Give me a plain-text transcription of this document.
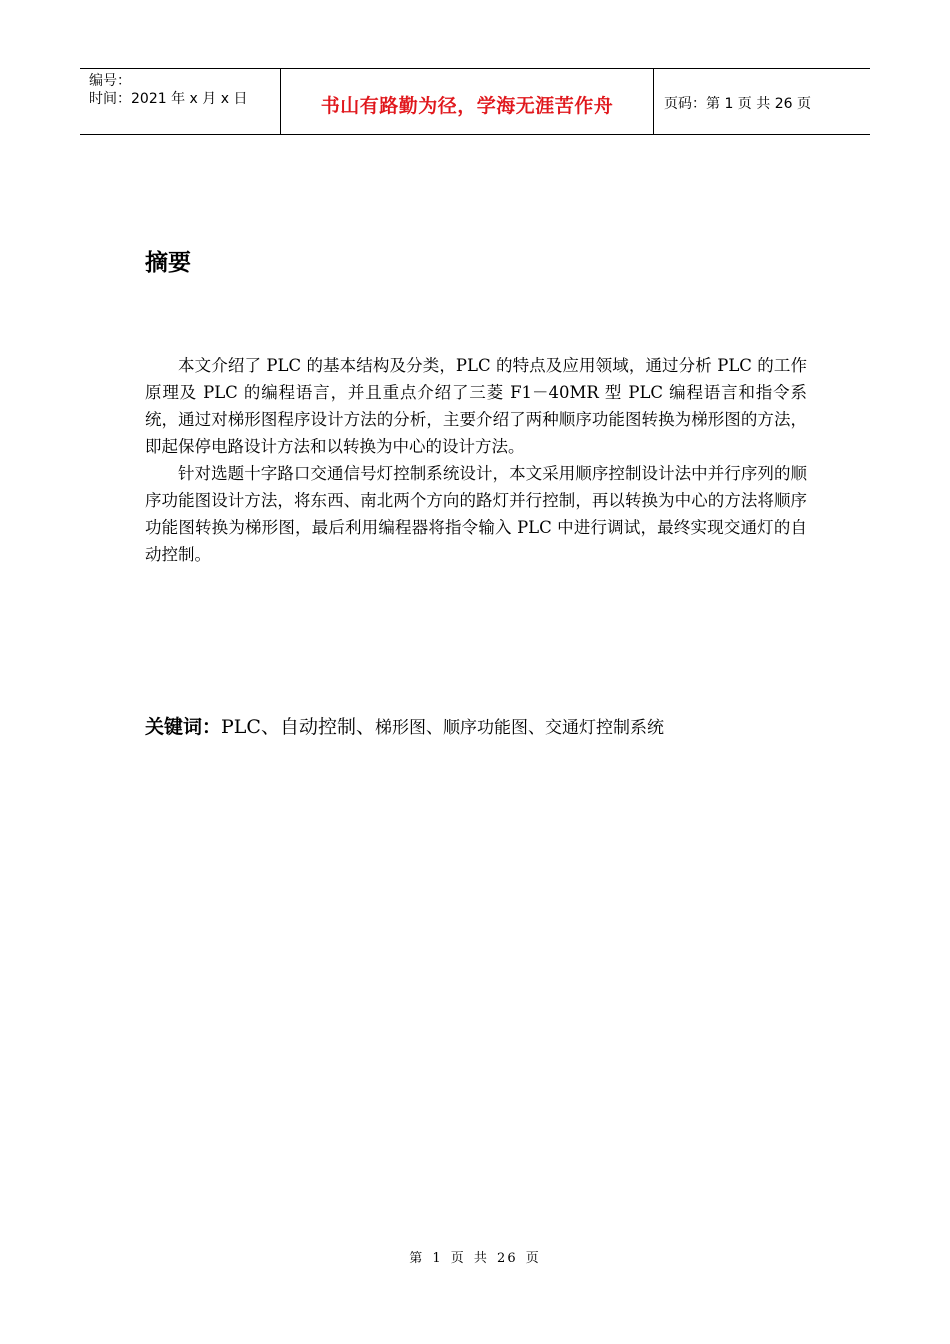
编号：
时间：2021 年 x 月 x 日	书山有路勤为径，学海无涯苦作舟	页码：第 1 页 共 26 页
摘要

本文介绍了 PLC 的基本结构及分类，PLC 的特点及应用领域，通过分析 PLC 的工作原理及 PLC 的编程语言，并且重点介绍了三菱 F1－40MR 型 PLC 编程语言和指令系统，通过对梯形图程序设计方法的分析，主要介绍了两种顺序功能图转换为梯形图的方法，即起保停电路设计方法和以转换为中心的设计方法。

针对选题十字路口交通信号灯控制系统设计，本文采用顺序控制设计法中并行序列的顺序功能图设计方法，将东西、南北两个方向的路灯并行控制，再以转换为中心的方法将顺序功能图转换为梯形图，最后利用编程器将指令输入 PLC 中进行调试，最终实现交通灯的自动控制。

关键词：PLC、自动控制、梯形图、顺序功能图、交通灯控制系统
第 1 页 共 26 页
